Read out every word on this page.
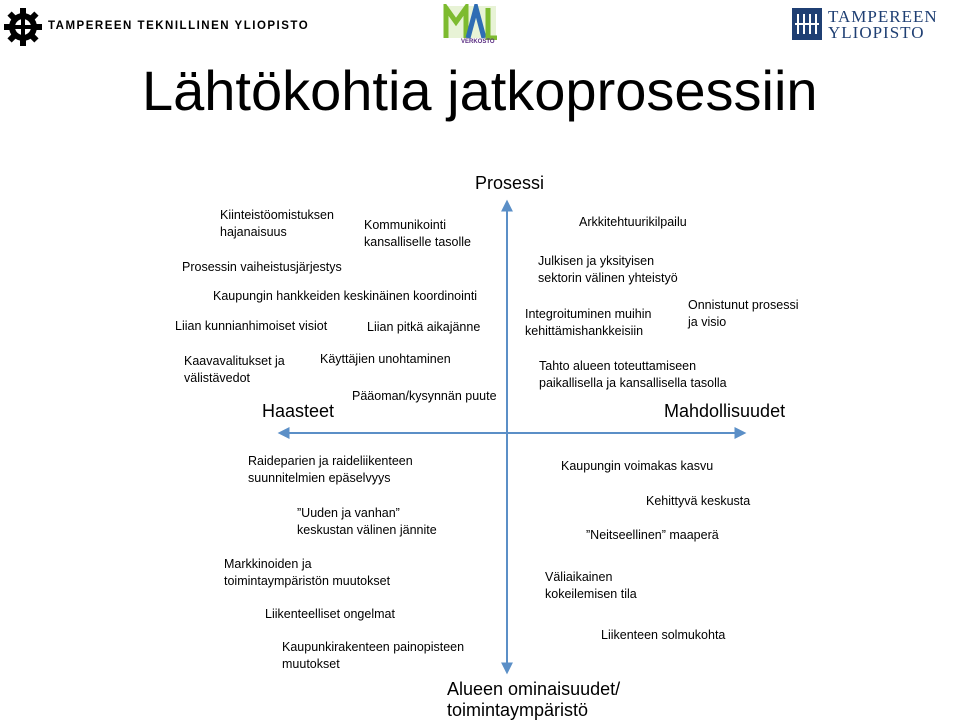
TAMPEREEN TEKNILLINEN YLIOPISTO
VERKOSTO
TAMPEREEN
YLIOPISTO
Lähtökohtia jatkoprosessiin
Prosessi
Haasteet	Mahdollisuudet
Alueen ominaisuudet/
toimintaympäristö
Kiinteistöomistuksen
hajanaisuus	Kommunikointi
kansalliselle tasolle
Prosessin vaiheistusjärjestys
Kaupungin hankkeiden keskinäinen koordinointi
Liian kunnianhimoiset visiot	Liian pitkä aikajänne
Kaavavalitukset ja
välistävedot
Käyttäjien unohtaminen
Pääoman/kysynnän puute
Arkkitehtuurikilpailu
Julkisen ja yksityisen
sektorin välinen yhteistyö
Integroituminen muihin
kehittämishankkeisiin
Onnistunut prosessi
ja visio
Tahto alueen toteuttamiseen
paikallisella ja kansallisella tasolla
Raideparien ja raideliikenteen
suunnitelmien epäselvyys
”Uuden ja vanhan”
keskustan välinen jännite
Markkinoiden ja
toimintaympäristön muutokset
Liikenteelliset ongelmat
Kaupunkirakenteen painopisteen
muutokset
Kaupungin voimakas kasvu
Kehittyvä keskusta
”Neitseellinen” maaperä
Väliaikainen
kokeilemisen tila
Liikenteen solmukohta
